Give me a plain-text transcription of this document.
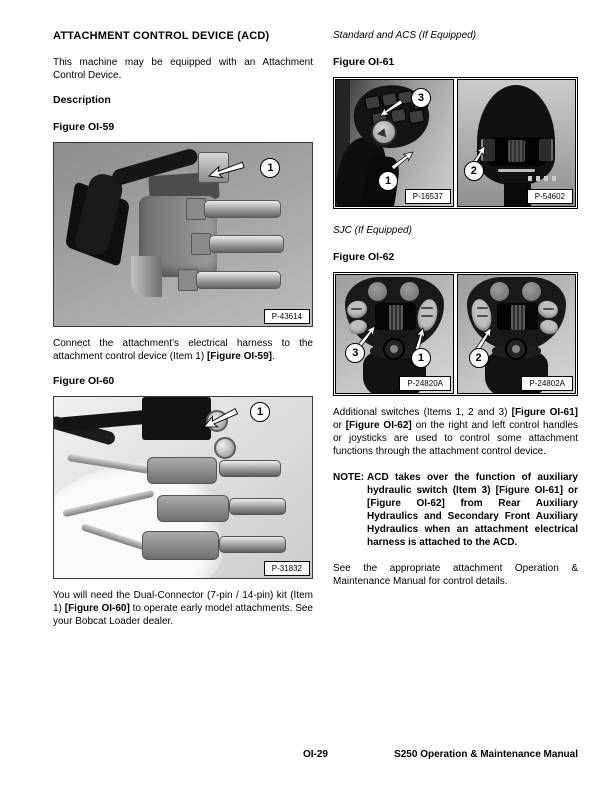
ATTACHMENT CONTROL DEVICE (ACD)

This machine may be equipped with an Attachment Control Device.

Description
Figure OI-59
1
P-43614

Connect the attachment’s electrical harness to the attachment control device (Item 1) [Figure OI-59].

Figure OI-60
1
P-31832

You will need the Dual-Connector (7-pin / 14-pin) kit (Item 1) [Figure OI-60] to operate early model attachments. See your Bobcat Loader dealer.

Standard and ACS (If Equipped)
Figure OI-61
3
1
P-16537
2
P-54602
SJC (If Equipped)
Figure OI-62
3	1
P-24820A
2
P-24802A

Additional switches (Items 1, 2 and 3) [Figure OI-61] or [Figure OI-62] on the right and left control handles or joysticks are used to control some attachment functions through the attachment control device.

NOTE: ACD takes over the function of auxiliary hydraulic switch (Item 3) [Figure OI-61] or [Figure OI-62] from Rear Auxiliary Hydraulics and Secondary Front Auxiliary Hydraulics when an attachment electrical harness is attached to the ACD.

See the appropriate attachment Operation & Maintenance Manual for control details.

OI-29	S250 Operation & Maintenance Manual
